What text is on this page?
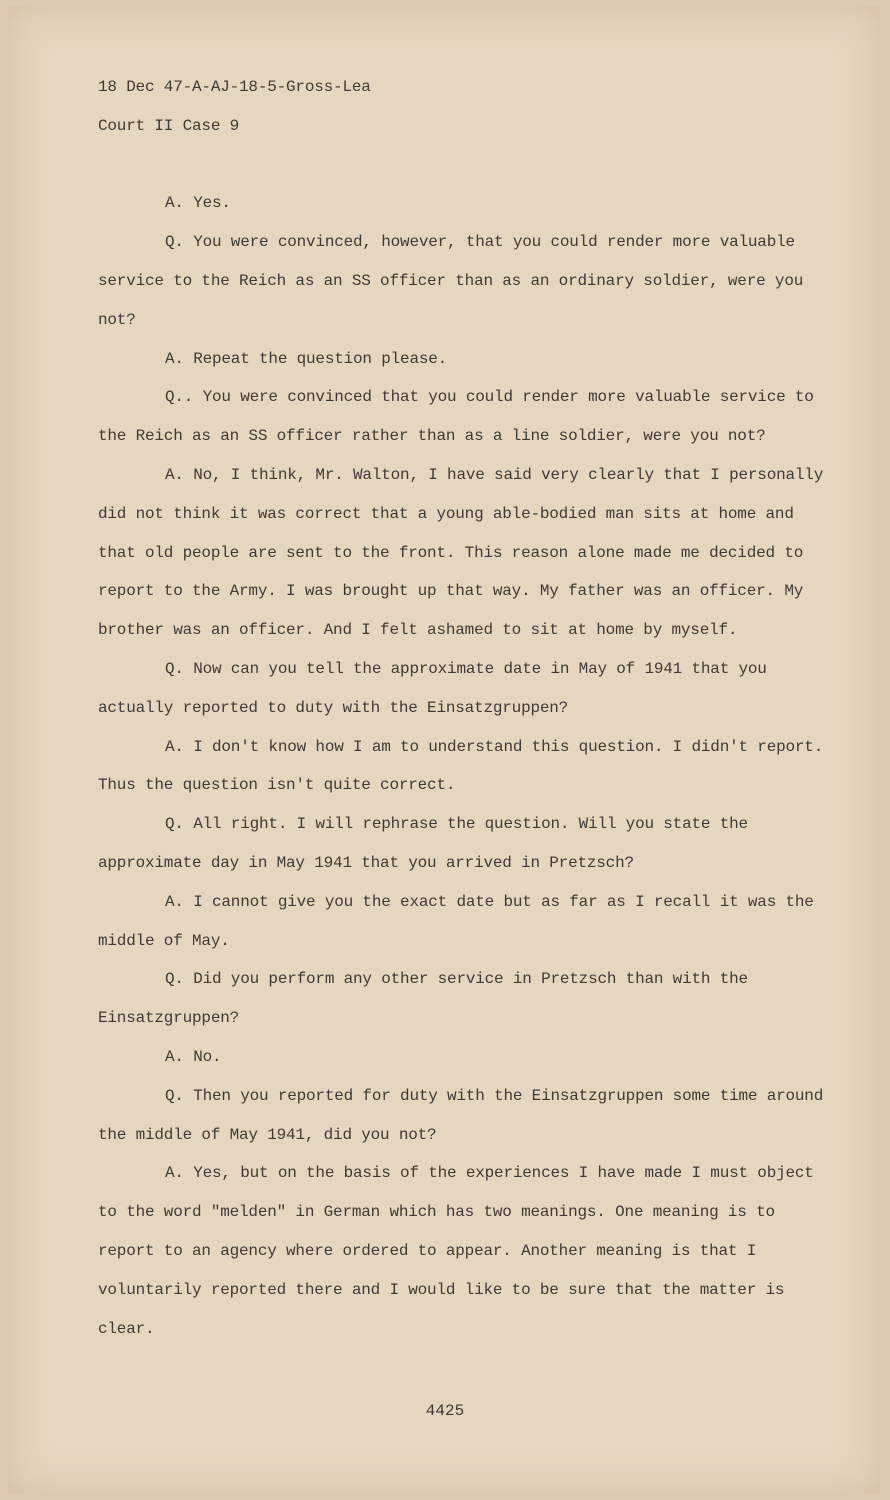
18 Dec 47-A-AJ-18-5-Gross-Lea
Court II Case 9

A. Yes.

Q. You were convinced, however, that you could render more valuable service to the Reich as an SS officer than as an ordinary soldier, were you not?

A. Repeat the question please.

Q.. You were convinced that you could render more valuable service to the Reich as an SS officer rather than as a line soldier, were you not?

A. No, I think, Mr. Walton, I have said very clearly that I personally did not think it was correct that a young able-bodied man sits at home and that old people are sent to the front. This reason alone made me decided to report to the Army. I was brought up that way. My father was an officer. My brother was an officer. And I felt ashamed to sit at home by myself.

Q. Now can you tell the approximate date in May of 1941 that you actually reported to duty with the Einsatzgruppen?

A. I don't know how I am to understand this question. I didn't report. Thus the question isn't quite correct.

Q. All right. I will rephrase the question. Will you state the approximate day in May 1941 that you arrived in Pretzsch?

A. I cannot give you the exact date but as far as I recall it was the middle of May.

Q. Did you perform any other service in Pretzsch than with the Einsatzgruppen?

A. No.

Q. Then you reported for duty with the Einsatzgruppen some time around the middle of May 1941, did you not?

A. Yes, but on the basis of the experiences I have made I must object to the word "melden" in German which has two meanings. One meaning is to report to an agency where ordered to appear. Another meaning is that I voluntarily reported there and I would like to be sure that the matter is clear.

4425
